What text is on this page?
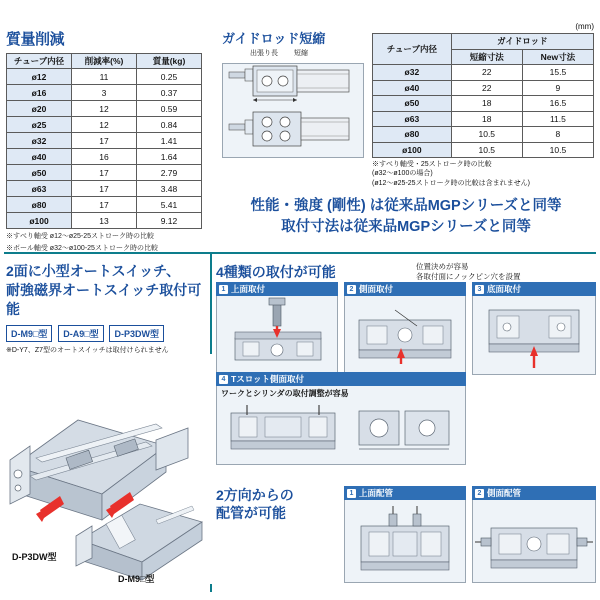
質量削減
チューブ内径	削減率(%)	質量(kg)
ø12	11	0.25
ø16	3	0.37
ø20	12	0.59
ø25	12	0.84
ø32	17	1.41
ø40	16	1.64
ø50	17	2.79
ø63	17	3.48
ø80	17	5.41
ø100	13	9.12
※すべり軸受 ø12～ø25-25ストローク時の比較
※ボール軸受 ø32～ø100-25ストローク時の比較
ガイドロッド短縮
出張り長 短縮
(mm)
チューブ内径	ガイドロッド	
	短縮寸法	New寸法
ø32	22	15.5
ø40	22	9
ø50	18	16.5
ø63	18	11.5
ø80	10.5	8
ø100	10.5	10.5
※すべり軸受・25ストローク時の比較
(ø32～ø100の場合)
(ø12～ø25-25ストローク時の比較は含まれません)
性能・強度 (剛性) は従来品MGPシリーズと同等
取付寸法は従来品MGPシリーズと同等
2面に小型オートスイッチ、
耐強磁界オートスイッチ取付可能
D-M9□型 D-A9□型 D-P3DW型
※D-Y7、Z7型のオートスイッチは取付けられません
D-P3DW型
D-M9□型
4種類の取付が可能	位置決めが容易
各取付面にノックピン穴を設置
1 上面取付	2 側面取付	3 底面取付
4 Tスロット側面取付
ワークとシリンダの取付調整が容易
2方向からの
配管が可能
1 上面配管	2 側面配管
